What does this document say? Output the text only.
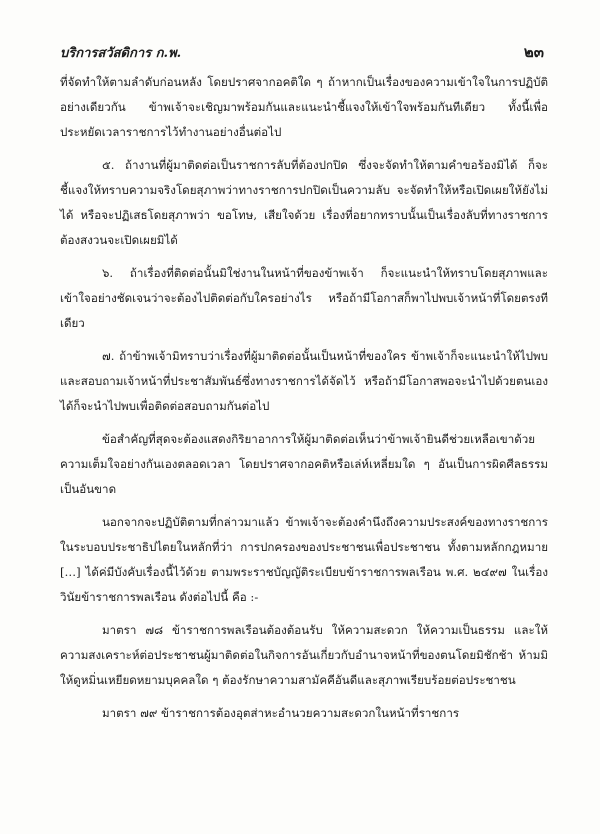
บริการสวัสดิการ ก.พ.	๒๓

ที่จัดทำให้ตามลำดับก่อนหลัง โดยปราศจากอคติใด ๆ ถ้าหากเป็นเรื่องของความเข้าใจในการปฏิบัติอย่างเดียวกัน ข้าพเจ้าจะเชิญมาพร้อมกันและแนะนำชี้แจงให้เข้าใจพร้อมกันทีเดียว ทั้งนี้เพื่อประหยัดเวลาราชการไว้ทำงานอย่างอื่นต่อไป

๕. ถ้างานที่ผู้มาติดต่อเป็นราชการลับที่ต้องปกปิด ซึ่งจะจัดทำให้ตามคำขอร้องมิได้ ก็จะชี้แจงให้ทราบความจริงโดยสุภาพว่าทางราชการปกปิดเป็นความลับ จะจัดทำให้หรือเปิดเผยให้ยังไม่ได้ หรือจะปฏิเสธโดยสุภาพว่า ขอโทษ, เสียใจด้วย เรื่องที่อยากทราบนั้นเป็นเรื่องลับที่ทางราชการต้องสงวนจะเปิดเผยมิได้

๖. ถ้าเรื่องที่ติดต่อนั้นมิใช่งานในหน้าที่ของข้าพเจ้า ก็จะแนะนำให้ทราบโดยสุภาพและเข้าใจอย่างชัดเจนว่าจะต้องไปติดต่อกับใครอย่างไร หรือถ้ามีโอกาสก็พาไปพบเจ้าหน้าที่โดยตรงทีเดียว

๗. ถ้าข้าพเจ้ามิทราบว่าเรื่องที่ผู้มาติดต่อนั้นเป็นหน้าที่ของใคร ข้าพเจ้าก็จะแนะนำให้ไปพบและสอบถามเจ้าหน้าที่ประชาสัมพันธ์ซึ่งทางราชการได้จัดไว้ หรือถ้ามีโอกาสพอจะนำไปด้วยตนเองได้ก็จะนำไปพบเพื่อติดต่อสอบถามกันต่อไป

ข้อสำคัญที่สุดจะต้องแสดงกิริยาอาการให้ผู้มาติดต่อเห็นว่าข้าพเจ้ายินดีช่วยเหลือเขาด้วยความเต็มใจอย่างกันเองตลอดเวลา โดยปราศจากอคติหรือเล่ห์เหลี่ยมใด ๆ อันเป็นการผิดศีลธรรมเป็นอันขาด

นอกจากจะปฏิบัติตามที่กล่าวมาแล้ว ข้าพเจ้าจะต้องคำนึงถึงความประสงค์ของทางราชการในระบอบประชาธิปไตยในหลักที่ว่า การปกครองของประชาชนเพื่อประชาชน ทั้งตามหลักกฎหมาย […] ได้ค่มีบังคับเรื่องนี้ไว้ด้วย ตามพระราชบัญญัติระเบียบข้าราชการพลเรือน พ.ศ. ๒๔๙๗ ในเรื่องวินัยข้าราชการพลเรือน ดังต่อไปนี้ คือ :-

มาตรา ๗๘ ข้าราชการพลเรือนต้องต้อนรับ ให้ความสะดวก ให้ความเป็นธรรม และให้ความสงเคราะห์ต่อประชาชนผู้มาติดต่อในกิจการอันเกี่ยวกับอำนาจหน้าที่ของตนโดยมิชักช้า ห้ามมิให้ดูหมิ่นเหยียดหยามบุคคลใด ๆ ต้องรักษาความสามัคคีอันดีและสุภาพเรียบร้อยต่อประชาชน

มาตรา ๗๙ ข้าราชการต้องอุตส่าหะอำนวยความสะดวกในหน้าที่ราชการ
